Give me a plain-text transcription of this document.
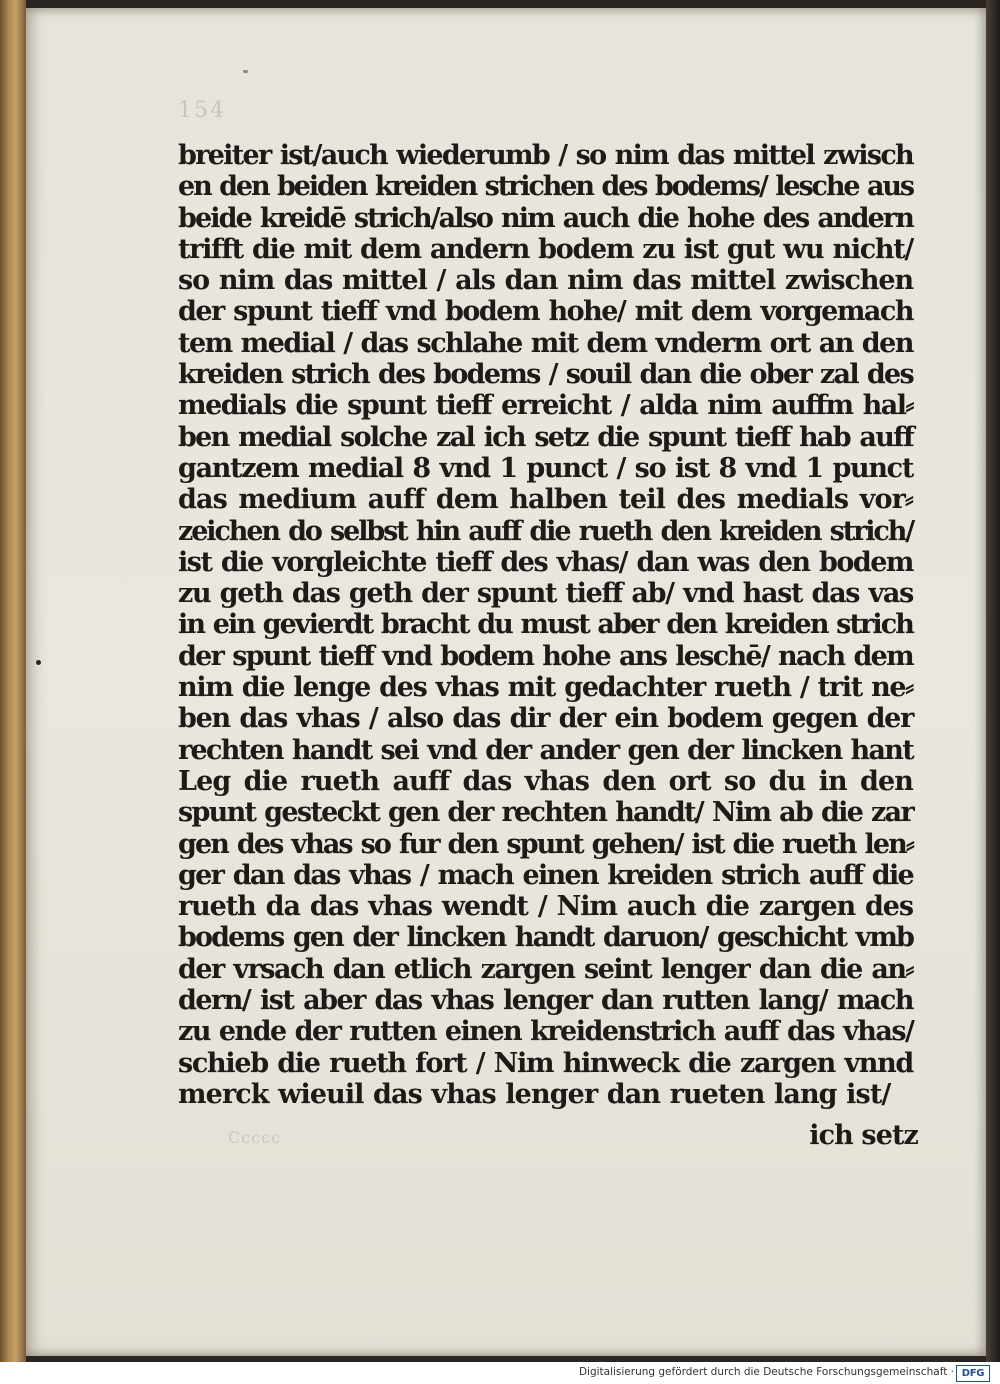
154
breiter ist/auch wiederumb / so nim das mittel zwisch
en den beiden kreiden strichen des bodems/ lesche aus
beide kreidē strich/also nim auch die hohe des andern
trifft die mit dem andern bodem zu ist gut wu nicht/
so nim das mittel / als dan nim das mittel zwischen
der spunt tieff vnd bodem hohe/ mit dem vorgemach
tem medial / das schlahe mit dem vnderm ort an den
kreiden strich des bodems / souil dan die ober zal des
medials die spunt tieff erreicht / alda nim auffm hal⸗
ben medial solche zal ich setz die spunt tieff hab auff
gantzem medial 8 vnd 1 punct / so ist 8 vnd 1 punct
das medium auff dem halben teil des medials vor⸗
zeichen do selbst hin auff die rueth den kreiden strich/
ist die vorgleichte tieff des vhas/ dan was den bodem
zu geth das geth der spunt tieff ab/ vnd hast das vas
in ein gevierdt bracht du must aber den kreiden strich
der spunt tieff vnd bodem hohe ans leschē/ nach dem
nim die lenge des vhas mit gedachter rueth / trit ne⸗
ben das vhas / also das dir der ein bodem gegen der
rechten handt sei vnd der ander gen der lincken hant
Leg die rueth auff das vhas den ort so du in den
spunt gesteckt gen der rechten handt/ Nim ab die zar
gen des vhas so fur den spunt gehen/ ist die rueth len⸗
ger dan das vhas / mach einen kreiden strich auff die
rueth da das vhas wendt / Nim auch die zargen des
bodems gen der lincken handt daruon/ geschicht vmb
der vrsach dan etlich zargen seint lenger dan die an⸗
dern/ ist aber das vhas lenger dan rutten lang/ mach
zu ende der rutten einen kreidenstrich auff das vhas/
schieb die rueth fort / Nim hinweck die zargen vnnd
merck wieuil das vhas lenger dan rueten lang ist/
Ccccc	ich setz
Digitalisierung gefördert durch die Deutsche Forschungsgemeinschaft · DFG
